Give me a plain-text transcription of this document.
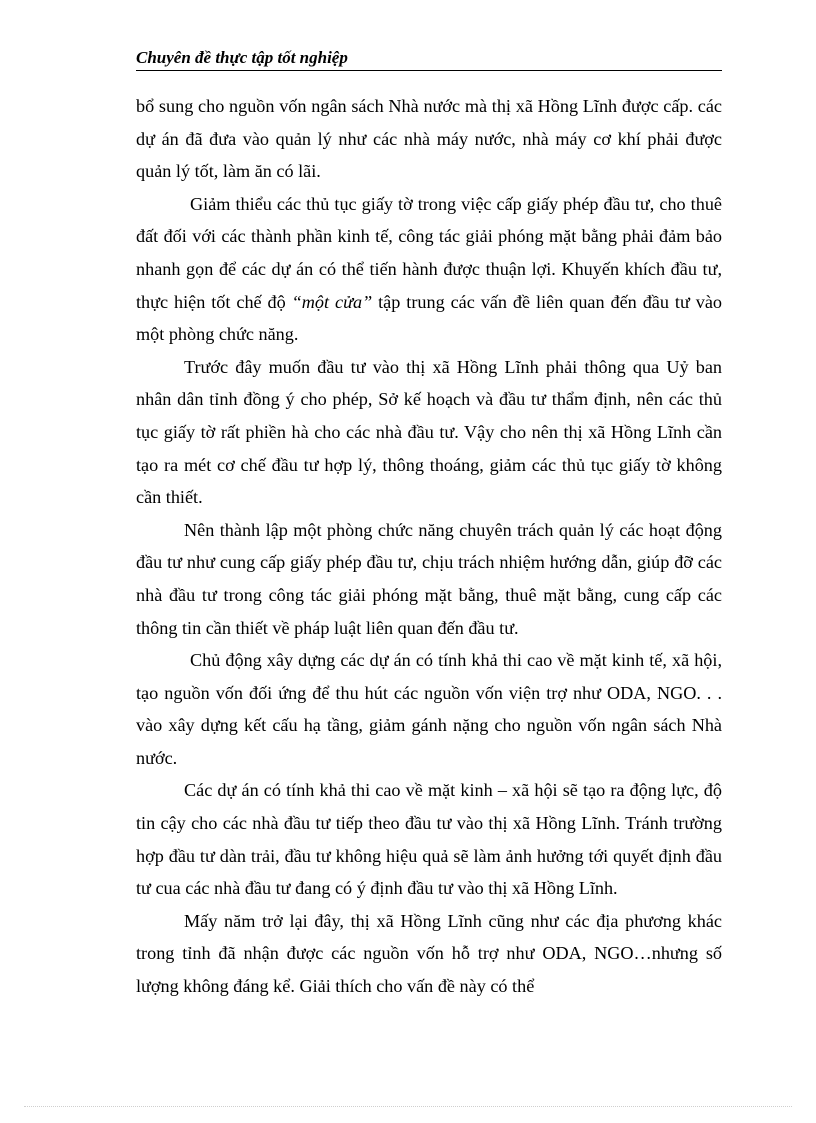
Chuyên đề thực tập tốt nghiệp

bổ sung cho nguồn vốn ngân sách Nhà nước mà thị xã Hồng Lĩnh được cấp. các dự án đã đưa vào quản lý như các nhà máy nước, nhà máy cơ khí phải được quản lý tốt, làm ăn có lãi.

Giảm thiểu các thủ tục giấy tờ trong việc cấp giấy phép đầu tư, cho thuê đất đối với các thành phần kinh tế, công tác giải phóng mặt bằng phải đảm bảo nhanh gọn để các dự án có thể tiến hành được thuận lợi. Khuyến khích đầu tư, thực hiện tốt chế độ “một cửa” tập trung các vấn đề liên quan đến đầu tư vào một phòng chức năng.

Trước đây muốn đầu tư vào thị xã Hồng Lĩnh phải thông qua Uỷ ban nhân dân tỉnh đồng ý cho phép, Sở kế hoạch và đầu tư thẩm định, nên các thủ tục giấy tờ rất phiền hà cho các nhà đầu tư. Vậy cho nên thị xã Hồng Lĩnh cần tạo ra mét cơ chế đầu tư hợp lý, thông thoáng, giảm các thủ tục giấy tờ không cần thiết.

Nên thành lập một phòng chức năng chuyên trách quản lý các hoạt động đầu tư như cung cấp giấy phép đầu tư, chịu trách nhiệm hướng dẫn, giúp đỡ các nhà đầu tư trong công tác giải phóng mặt bằng, thuê mặt bằng, cung cấp các thông tin cần thiết về pháp luật liên quan đến đầu tư.

Chủ động xây dựng các dự án có tính khả thi cao về mặt kinh tế, xã hội, tạo nguồn vốn đối ứng để thu hút các nguồn vốn viện trợ như ODA, NGO. . . vào xây dựng kết cấu hạ tầng, giảm gánh nặng cho nguồn vốn ngân sách Nhà nước.

Các dự án có tính khả thi cao về mặt kinh – xã hội sẽ tạo ra động lực, độ tin cậy cho các nhà đầu tư tiếp theo đầu tư vào thị xã Hồng Lĩnh. Tránh trường hợp đầu tư dàn trải, đầu tư không hiệu quả sẽ làm ảnh hưởng tới quyết định đầu tư cua các nhà đầu tư đang có ý định đầu tư vào thị xã Hồng Lĩnh.

Mấy năm trở lại đây, thị xã Hồng Lĩnh cũng như các địa phương khác trong tỉnh đã nhận được các nguồn vốn hỗ trợ như ODA, NGO…nhưng số lượng không đáng kể. Giải thích cho vấn đề này có thể
